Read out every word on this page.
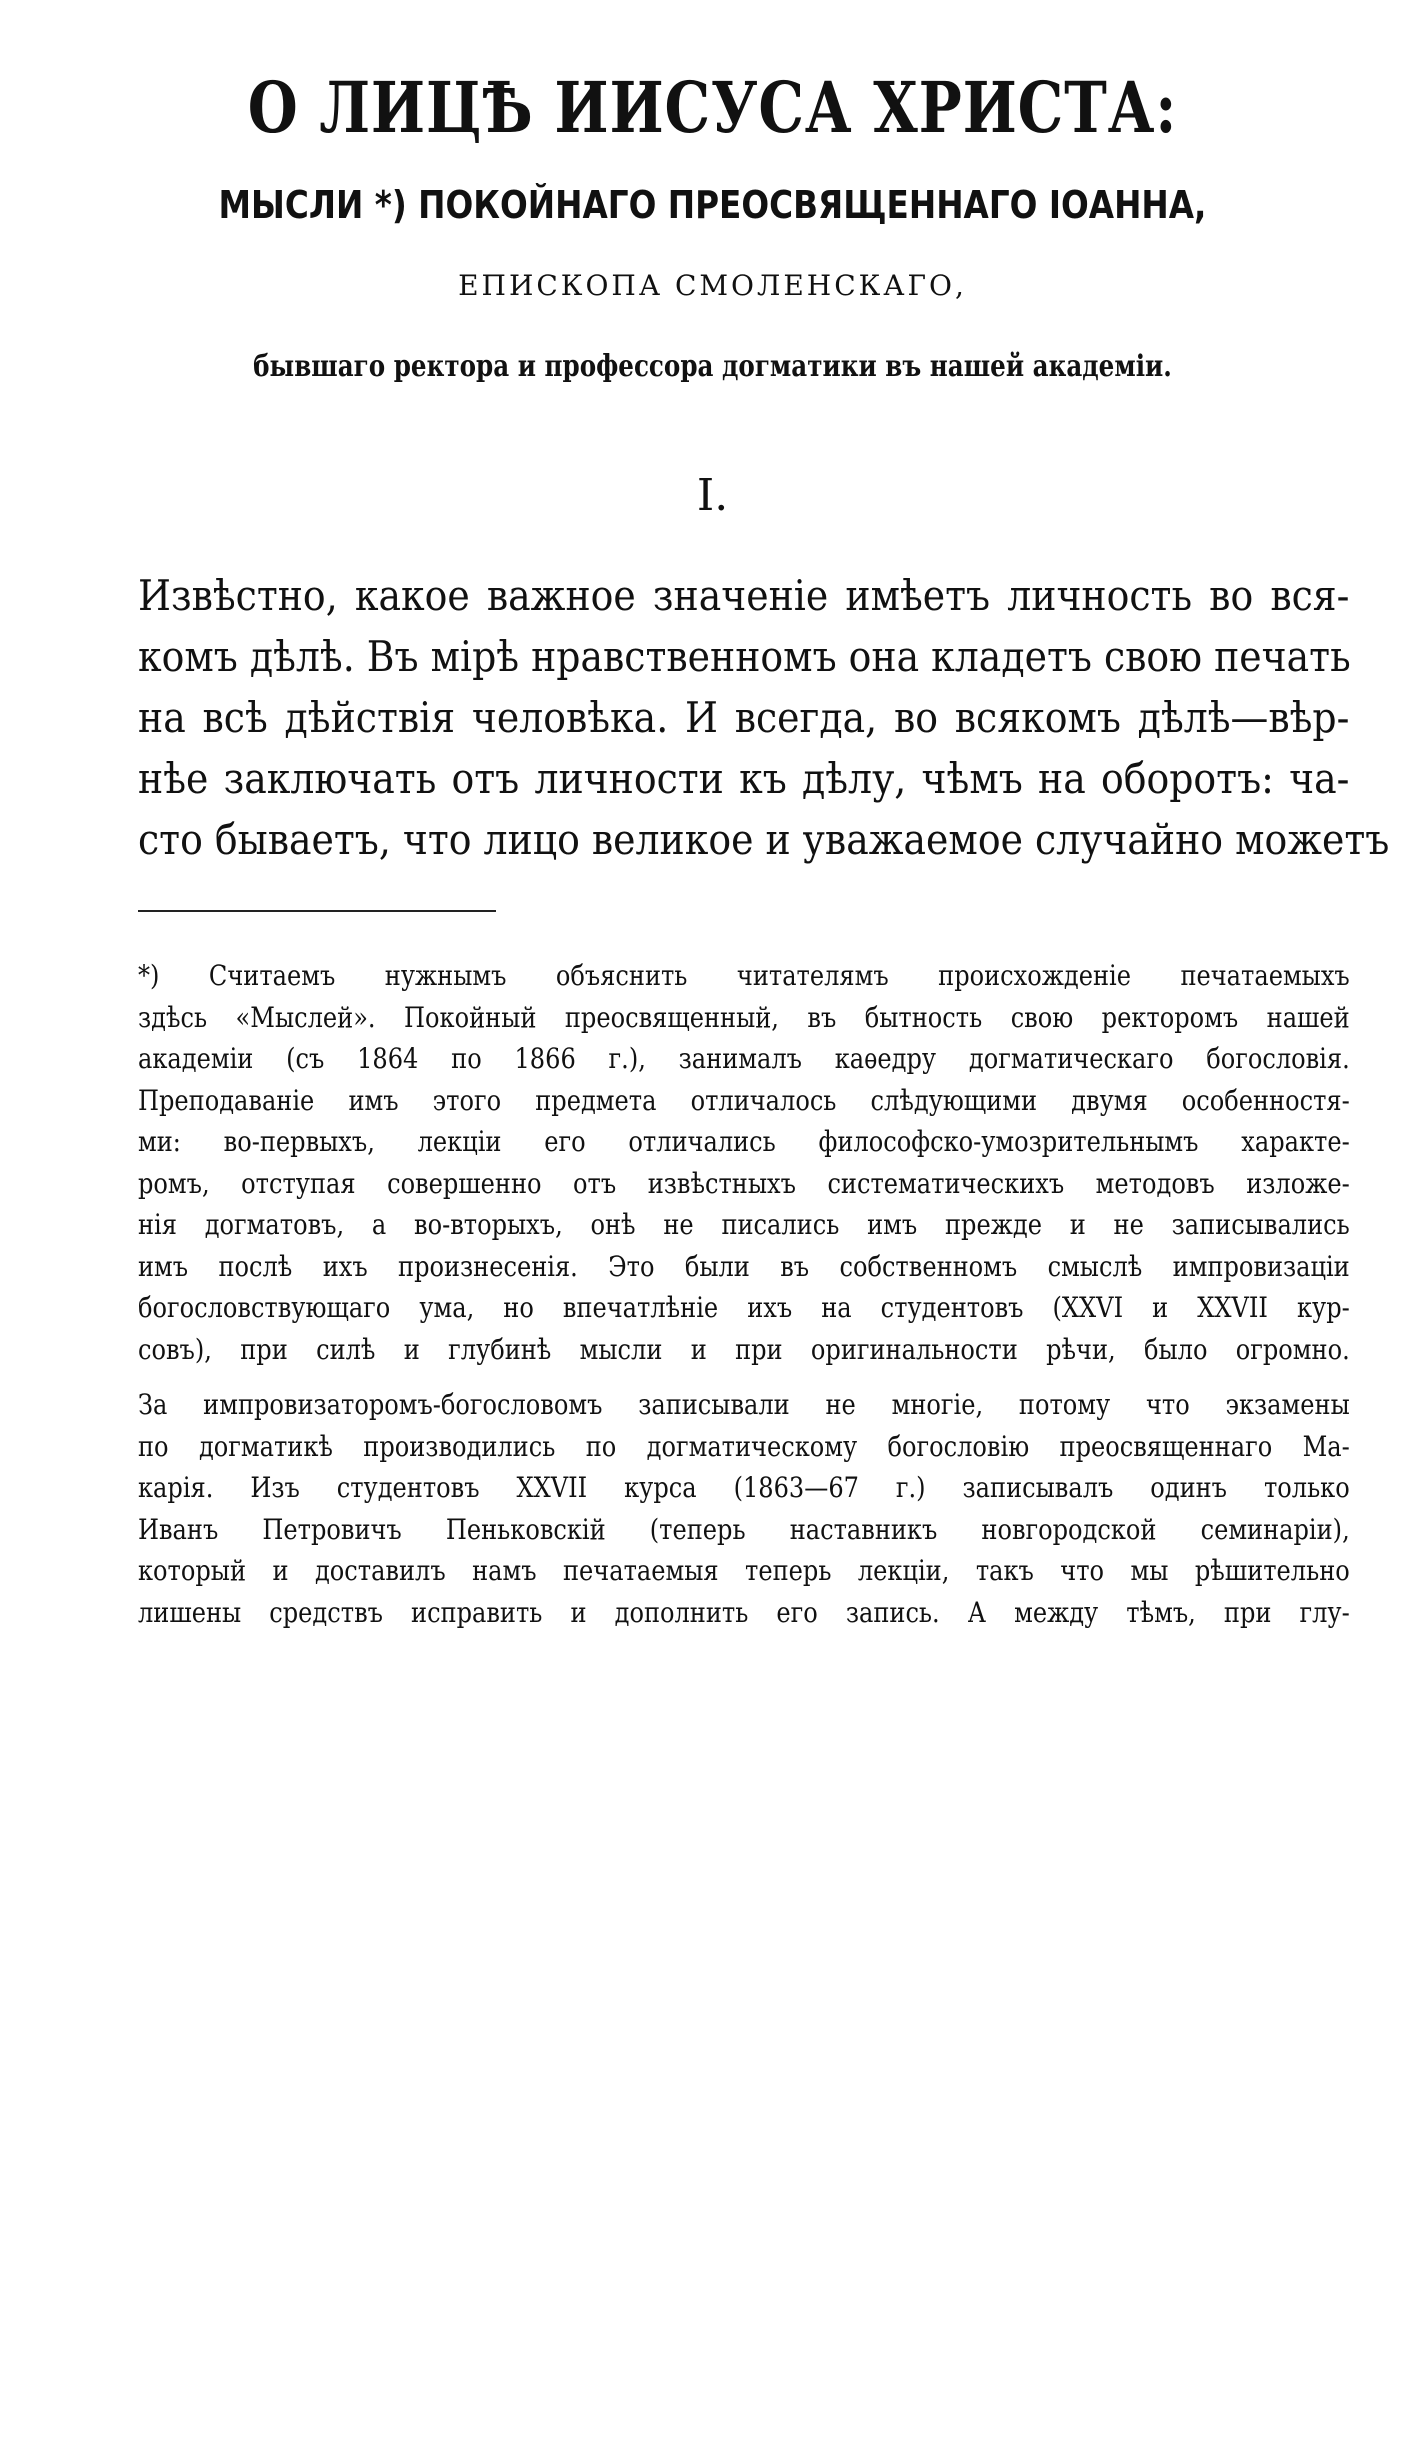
О ЛИЦѢ ИИСУСА ХРИСТА:
МЫСЛИ *) ПОКОЙНАГО ПРЕОСВЯЩЕННАГО ІОАННА,
ЕПИСКОПА СМОЛЕНСКАГО,
бывшаго ректора и профессора догматики въ нашей академіи.
I.
Извѣстно, какое важное значеніе имѣетъ личность во вся-
комъ дѣлѣ. Въ мірѣ нравственномъ она кладетъ свою печать
на всѣ дѣйствія человѣка. И всегда, во всякомъ дѣлѣ—вѣр-
нѣе заключать отъ личности къ дѣлу, чѣмъ на оборотъ: ча-
сто бываетъ, что лицо великое и уважаемое случайно можетъ
*) Считаемъ нужнымъ объяснить читателямъ происхожденіе печатаемыхъ
здѣсь «Мыслей». Покойный преосвященный, въ бытность свою ректоромъ нашей
академіи (съ 1864 по 1866 г.), занималъ каѳедру догматическаго богословія.
Преподаваніе имъ этого предмета отличалось слѣдующими двумя особенностя-
ми: во-первыхъ, лекціи его отличались философско-умозрительнымъ характе-
ромъ, отступая совершенно отъ извѣстныхъ систематическихъ методовъ изложе-
нія догматовъ, а во-вторыхъ, онѣ не писались имъ прежде и не записывались
имъ послѣ ихъ произнесенія. Это были въ собственномъ смыслѣ импровизаціи
богословствующаго ума, но впечатлѣніе ихъ на студентовъ (XXVI и XXVII кур-
совъ), при силѣ и глубинѣ мысли и при оригинальности рѣчи, было огромно.
За импровизаторомъ-богословомъ записывали не многіе, потому что экзамены
по догматикѣ производились по догматическому богословію преосвященнаго Ма-
карія. Изъ студентовъ XXVII курса (1863—67 г.) записывалъ одинъ только
Иванъ Петровичъ Пеньковскій (теперь наставникъ новгородской семинаріи),
который и доставилъ намъ печатаемыя теперь лекціи, такъ что мы рѣшительно
лишены средствъ исправить и дополнить его запись. А между тѣмъ, при глу-
